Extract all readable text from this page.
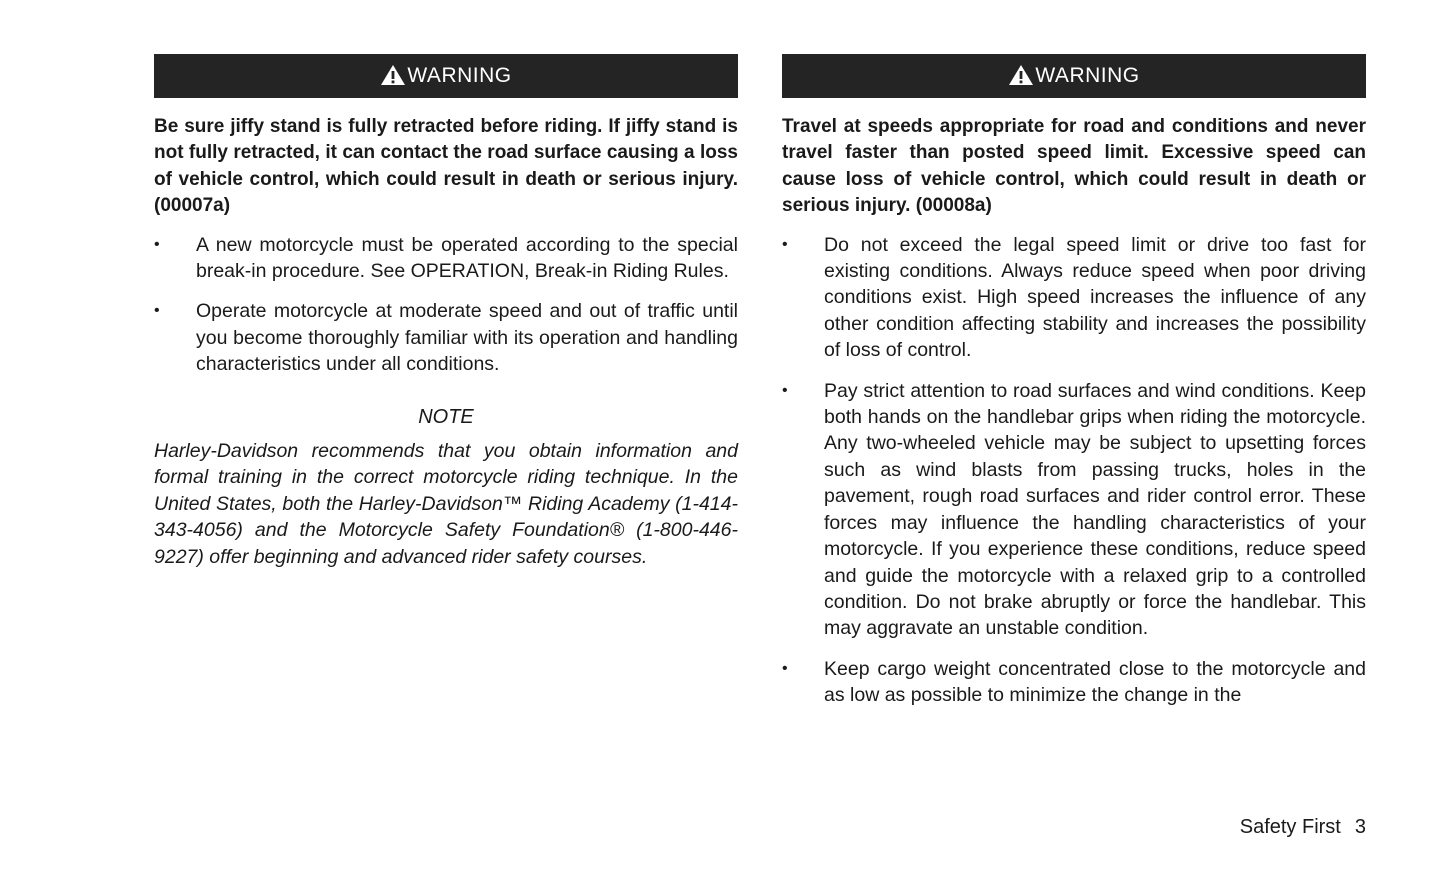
WARNING

Be sure jiffy stand is fully retracted before riding. If jiffy stand is not fully retracted, it can contact the road surface causing a loss of vehicle control, which could result in death or serious injury. (00007a)

• A new motorcycle must be operated according to the special break-in procedure. See OPERATION, Break-in Riding Rules.
• Operate motorcycle at moderate speed and out of traffic until you become thoroughly familiar with its operation and handling characteristics under all conditions.
NOTE

Harley-Davidson recommends that you obtain information and formal training in the correct motorcycle riding technique. In the United States, both the Harley-Davidson™ Riding Academy (1-414-343-4056) and the Motorcycle Safety Foundation® (1-800-446-9227) offer beginning and advanced rider safety courses.

WARNING

Travel at speeds appropriate for road and conditions and never travel faster than posted speed limit. Excessive speed can cause loss of vehicle control, which could result in death or serious injury. (00008a)

• Do not exceed the legal speed limit or drive too fast for existing conditions. Always reduce speed when poor driving conditions exist. High speed increases the influence of any other condition affecting stability and increases the possibility of loss of control.
• Pay strict attention to road surfaces and wind conditions. Keep both hands on the handlebar grips when riding the motorcycle. Any two-wheeled vehicle may be subject to upsetting forces such as wind blasts from passing trucks, holes in the pavement, rough road surfaces and rider control error. These forces may influence the handling characteristics of your motorcycle. If you experience these conditions, reduce speed and guide the motorcycle with a relaxed grip to a controlled condition. Do not brake abruptly or force the handlebar. This may aggravate an unstable condition.
• Keep cargo weight concentrated close to the motorcycle and as low as possible to minimize the change in the
Safety First 3
